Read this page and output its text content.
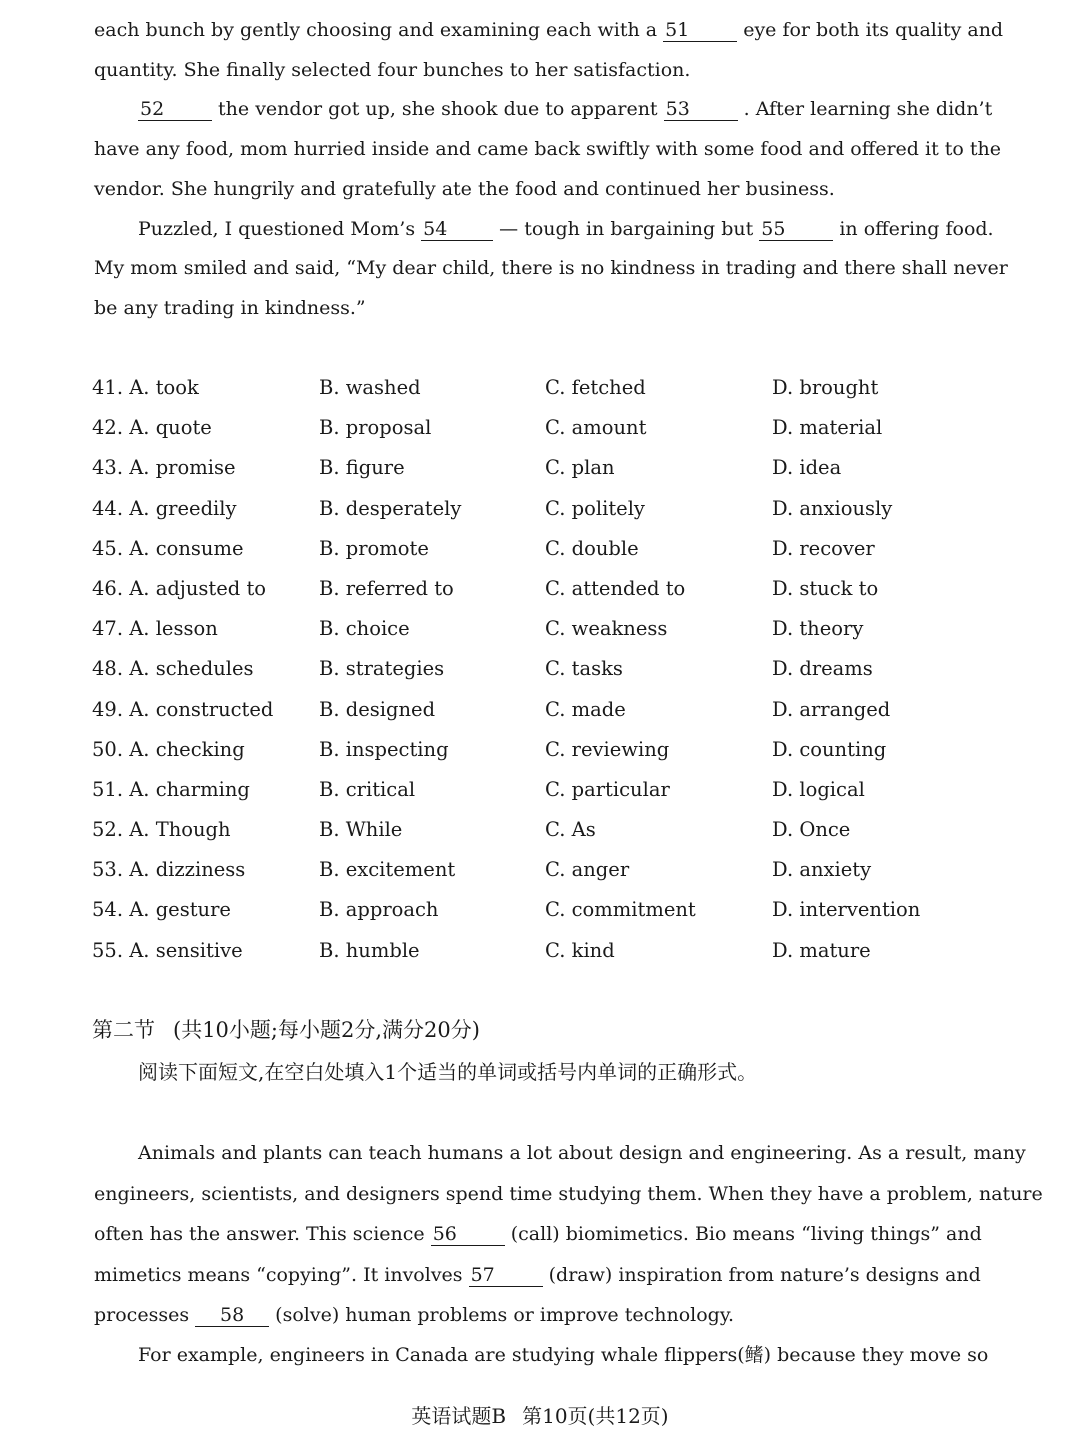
each bunch by gently choosing and examining each with a 51	eye for both its quality and
quantity. She finally selected four bunches to her satisfaction.
52	the vendor got up, she shook due to apparent 53	. After learning she didn’t
have any food, mom hurried inside and came back swiftly with some food and offered it to the
vendor. She hungrily and gratefully ate the food and continued her business.
Puzzled, I questioned Mom’s 54	— tough in bargaining but 55	in offering food.
My mom smiled and said, “My dear child, there is no kindness in trading and there shall never
be any trading in kindness.”
41. A. took	B. washed	C. fetched	D. brought
42. A. quote	B. proposal	C. amount	D. material
43. A. promise	B. figure	C. plan	D. idea
44. A. greedily	B. desperately	C. politely	D. anxiously
45. A. consume	B. promote	C. double	D. recover
46. A. adjusted to	B. referred to	C. attended to	D. stuck to
47. A. lesson	B. choice	C. weakness	D. theory
48. A. schedules	B. strategies	C. tasks	D. dreams
49. A. constructed B. designed	C. made	D. arranged
50. A. checking	B. inspecting	C. reviewing	D. counting
51. A. charming	B. critical	C. particular	D. logical
52. A. Though	B. While	C. As	D. Once
53. A. dizziness	B. excitement	C. anger	D. anxiety
54. A. gesture	B. approach	C. commitment	D. intervention
55. A. sensitive	B. humble	C. kind	D. mature
第二节 (共10小题;每小题2分,满分20分)
阅读下面短文,在空白处填入1个适当的单词或括号内单词的正确形式。
Animals and plants can teach humans a lot about design and engineering. As a result, many
engineers, scientists, and designers spend time studying them. When they have a problem, nature
often has the answer. This science 56	(call) biomimetics. Bio means “living things” and
mimetics means “copying”. It involves 57	(draw) inspiration from nature’s designs and
processes 58 (solve) human problems or improve technology.
For example, engineers in Canada are studying whale flippers(鳍) because they move so
英语试题B 第10页(共12页)
